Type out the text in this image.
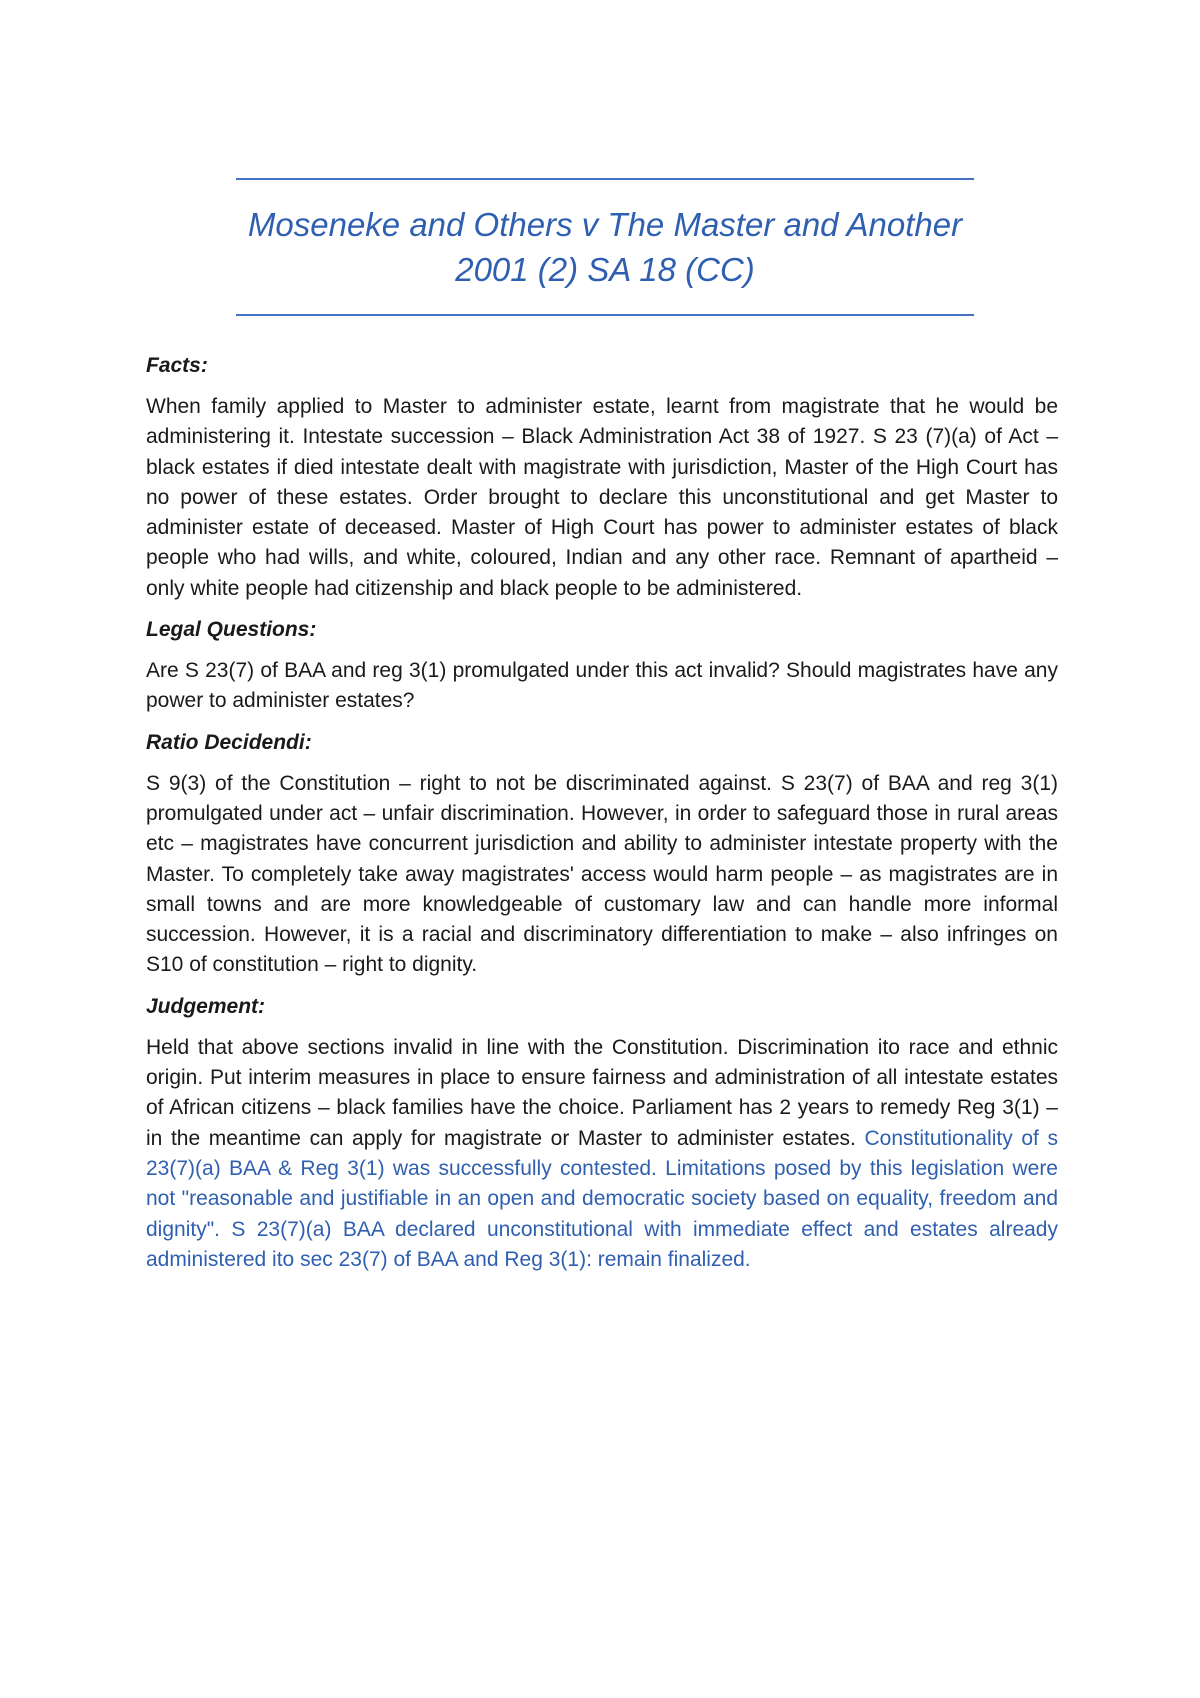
Moseneke and Others v The Master and Another 2001 (2) SA 18 (CC)

Facts:

When family applied to Master to administer estate, learnt from magistrate that he would be administering it. Intestate succession – Black Administration Act 38 of 1927. S 23 (7)(a) of Act – black estates if died intestate dealt with magistrate with jurisdiction, Master of the High Court has no power of these estates. Order brought to declare this unconstitutional and get Master to administer estate of deceased. Master of High Court has power to administer estates of black people who had wills, and white, coloured, Indian and any other race. Remnant of apartheid – only white people had citizenship and black people to be administered.

Legal Questions:

Are S 23(7) of BAA and reg 3(1) promulgated under this act invalid? Should magistrates have any power to administer estates?

Ratio Decidendi:

S 9(3) of the Constitution – right to not be discriminated against. S 23(7) of BAA and reg 3(1) promulgated under act – unfair discrimination. However, in order to safeguard those in rural areas etc – magistrates have concurrent jurisdiction and ability to administer intestate property with the Master. To completely take away magistrates' access would harm people – as magistrates are in small towns and are more knowledgeable of customary law and can handle more informal succession. However, it is a racial and discriminatory differentiation to make – also infringes on S10 of constitution – right to dignity.

Judgement:

Held that above sections invalid in line with the Constitution. Discrimination ito race and ethnic origin. Put interim measures in place to ensure fairness and administration of all intestate estates of African citizens – black families have the choice. Parliament has 2 years to remedy Reg 3(1) – in the meantime can apply for magistrate or Master to administer estates. Constitutionality of s 23(7)(a) BAA & Reg 3(1) was successfully contested. Limitations posed by this legislation were not "reasonable and justifiable in an open and democratic society based on equality, freedom and dignity". S 23(7)(a) BAA declared unconstitutional with immediate effect and estates already administered ito sec 23(7) of BAA and Reg 3(1): remain finalized.
